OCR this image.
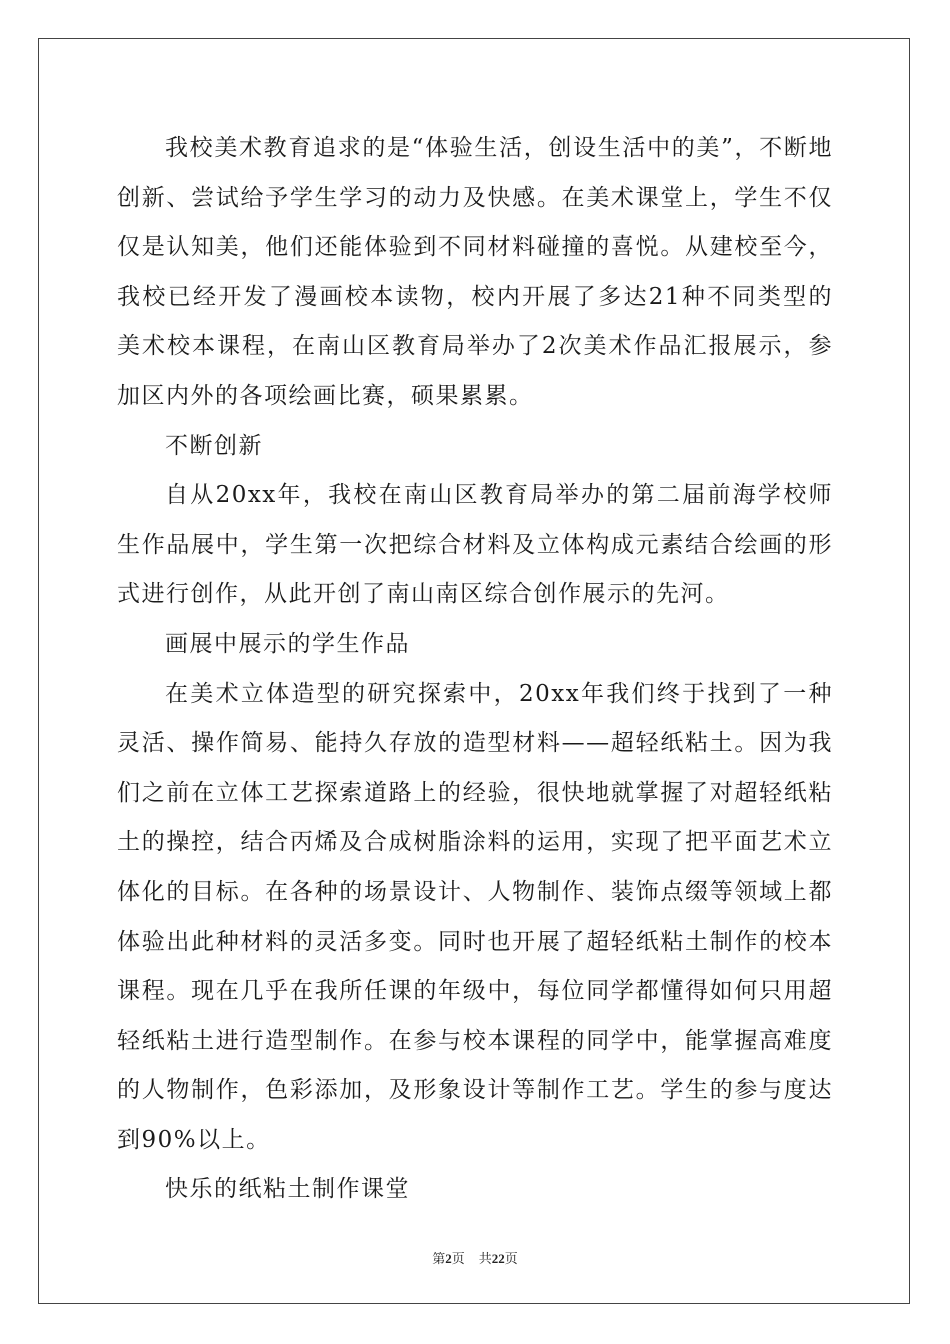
我校美术教育追求的是“体验生活，创设生活中的美”，不断地创新、尝试给予学生学习的动力及快感。在美术课堂上，学生不仅仅是认知美，他们还能体验到不同材料碰撞的喜悦。从建校至今，我校已经开发了漫画校本读物，校内开展了多达21种不同类型的美术校本课程，在南山区教育局举办了2次美术作品汇报展示，参加区内外的各项绘画比赛，硕果累累。

不断创新

自从20xx年，我校在南山区教育局举办的第二届前海学校师生作品展中，学生第一次把综合材料及立体构成元素结合绘画的形式进行创作，从此开创了南山南区综合创作展示的先河。

画展中展示的学生作品

在美术立体造型的研究探索中，20xx年我们终于找到了一种灵活、操作简易、能持久存放的造型材料——超轻纸粘土。因为我们之前在立体工艺探索道路上的经验，很快地就掌握了对超轻纸粘土的操控，结合丙烯及合成树脂涂料的运用，实现了把平面艺术立体化的目标。在各种的场景设计、人物制作、装饰点缀等领域上都体验出此种材料的灵活多变。同时也开展了超轻纸粘土制作的校本课程。现在几乎在我所任课的年级中，每位同学都懂得如何只用超轻纸粘土进行造型制作。在参与校本课程的同学中，能掌握高难度的人物制作，色彩添加，及形象设计等制作工艺。学生的参与度达到90%以上。

快乐的纸粘土制作课堂

第2页 共22页
